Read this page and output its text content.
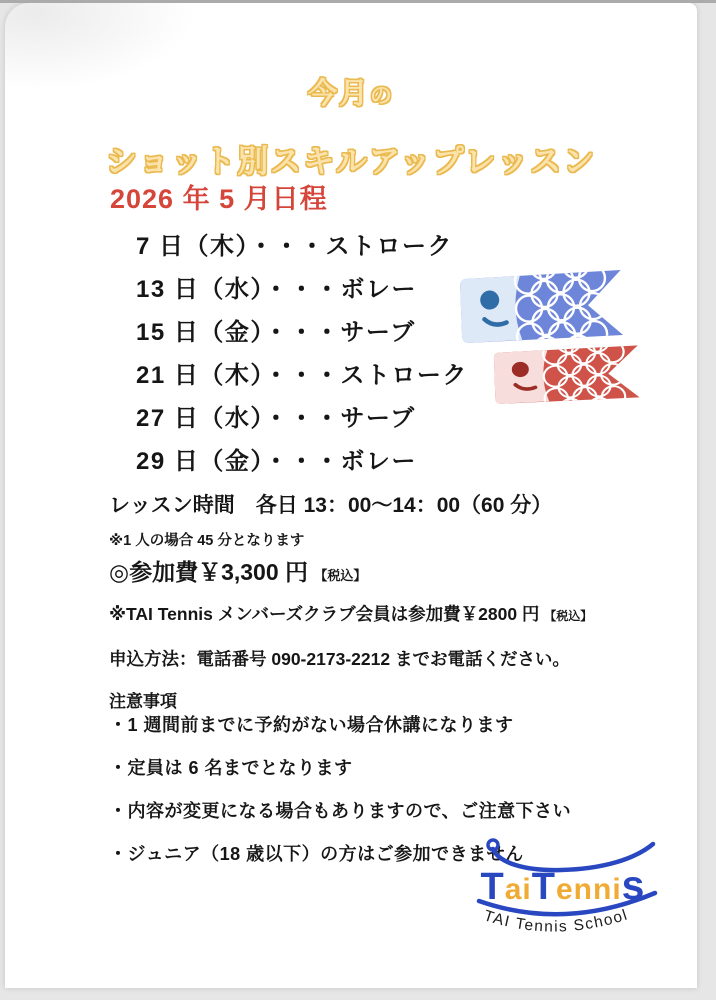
今月の
ショット別スキルアップレッスン
2026 年 5 月日程
7 日（木）・・・ストローク
13 日（水）・・・ボレー
15 日（金）・・・サーブ
21 日（木）・・・ストローク
27 日（水）・・・サーブ
29 日（金）・・・ボレー
レッスン時間　各日 13：00～14：00（60 分）
※1 人の場合 45 分となります
◎参加費￥3,300 円 【税込】
※TAI Tennis メンバーズクラブ会員は参加費￥2800 円 【税込】
申込方法：電話番号 090-2173-2212 までお電話ください。
注意事項
・1 週間前までに予約がない場合休講になります
・定員は 6 名までとなります
・内容が変更になる場合もありますので、ご注意下さい
・ジュニア（18 歳以下）の方はご参加できません
TaiTennis
TAI Tennis School
